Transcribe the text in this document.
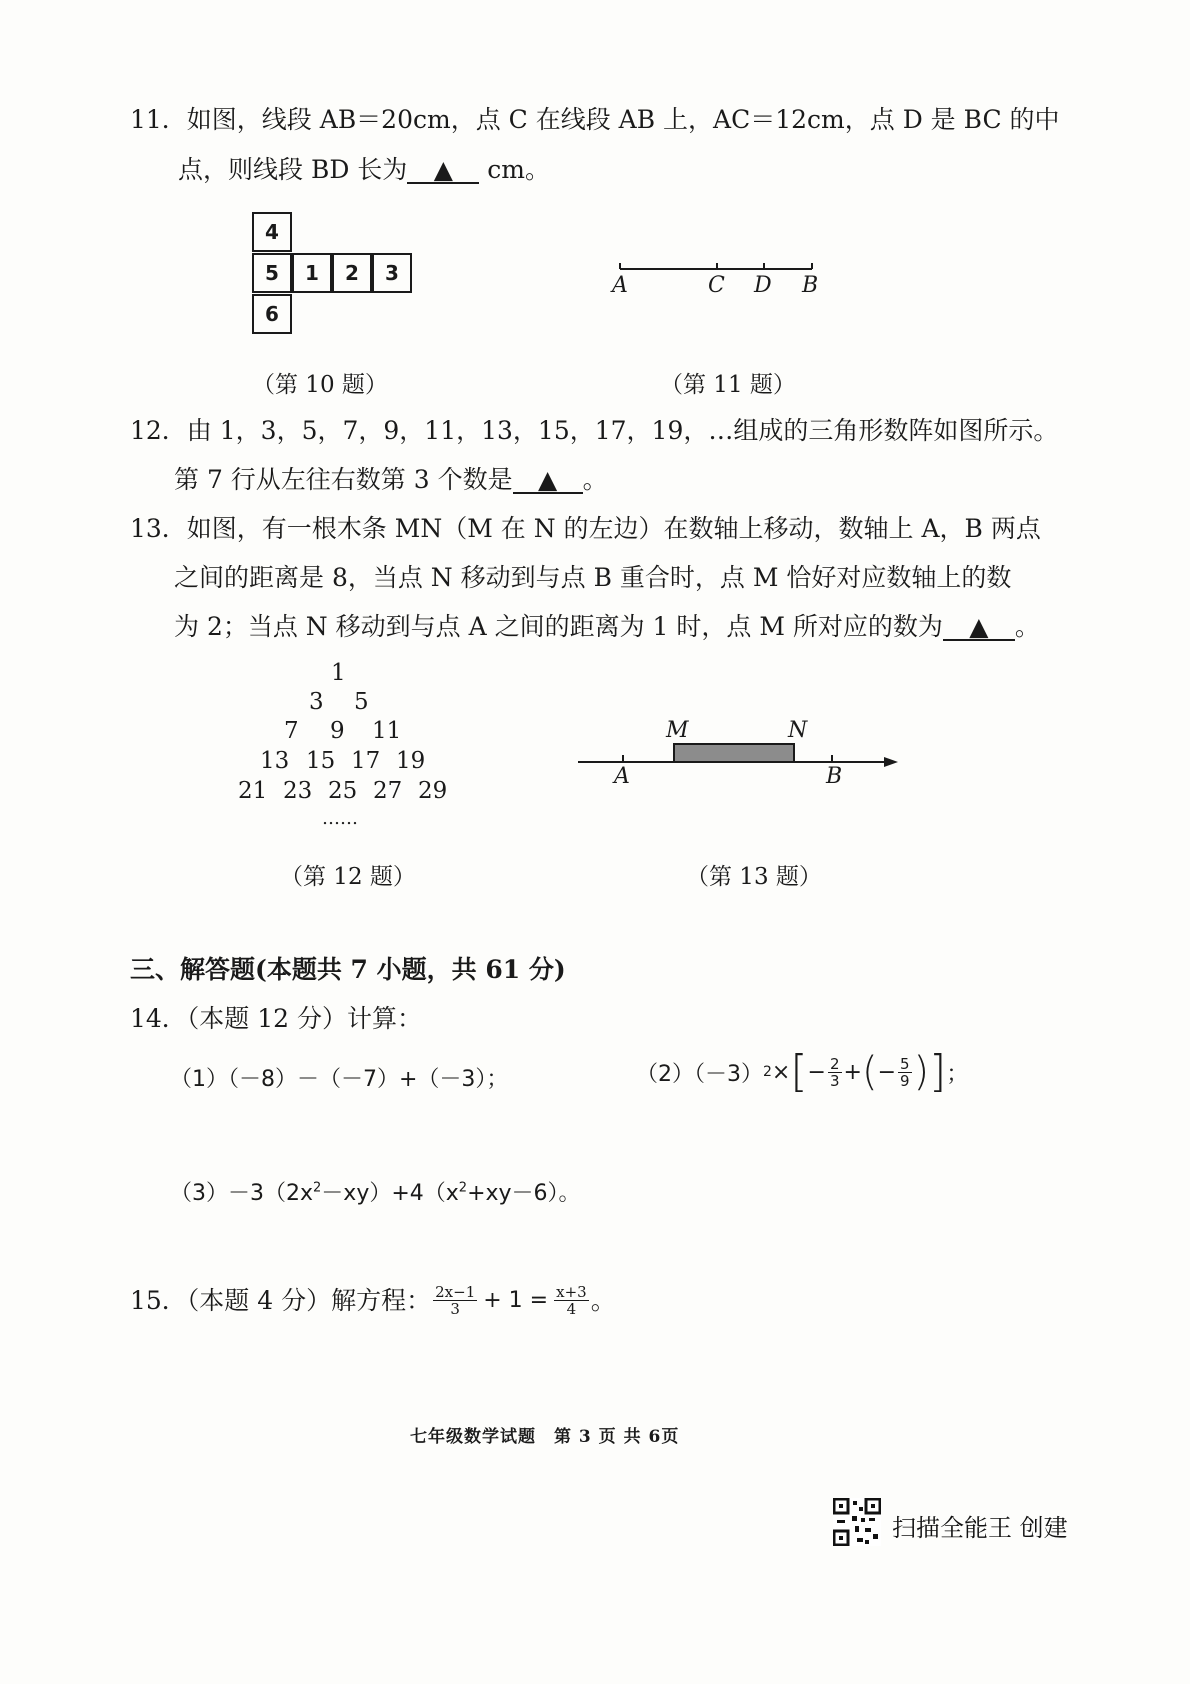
11．如图，线段 AB＝20cm，点 C 在线段 AB 上，AC＝12cm，点 D 是 BC 的中
点，则线段 BD 长为 ▲ cm。
4
5	1	2	3
6
（第 10 题）
A	C D B
（第 11 题）
12．由 1，3，5，7，9，11，13，15，17，19，…组成的三角形数阵如图所示。
第 7 行从左往右数第 3 个数是 ▲ 。
13．如图，有一根木条 MN（M 在 N 的左边）在数轴上移动，数轴上 A，B 两点
之间的距离是 8，当点 N 移动到与点 B 重合时，点 M 恰好对应数轴上的数
为 2；当点 N 移动到与点 A 之间的距离为 1 时，点 M 所对应的数为 ▲ 。
1
3 5
7 9 11
13 15 17 19
21 23 25 27 29
……
（第 12 题）
M	N
A	B
（第 13 题）
三、解答题(本题共 7 小题，共 61 分)
14．（本题 12 分）计算：
（1）（－8）－（－7）+（－3）；	（2）（－3） 2 × [ − $\frac{2}{3}$ + ( − $\frac{5}{9}$ ) ] ；
$(3)-3(2x^2-xy)+4(x^2+xy-6)$。
15．（本题 4 分）解方程： $\frac{2x-1}{3} + 1 = \frac{x+3}{4}$ 。
七年级数学试题　第 3 页 共 6页
扫描全能王 创建
